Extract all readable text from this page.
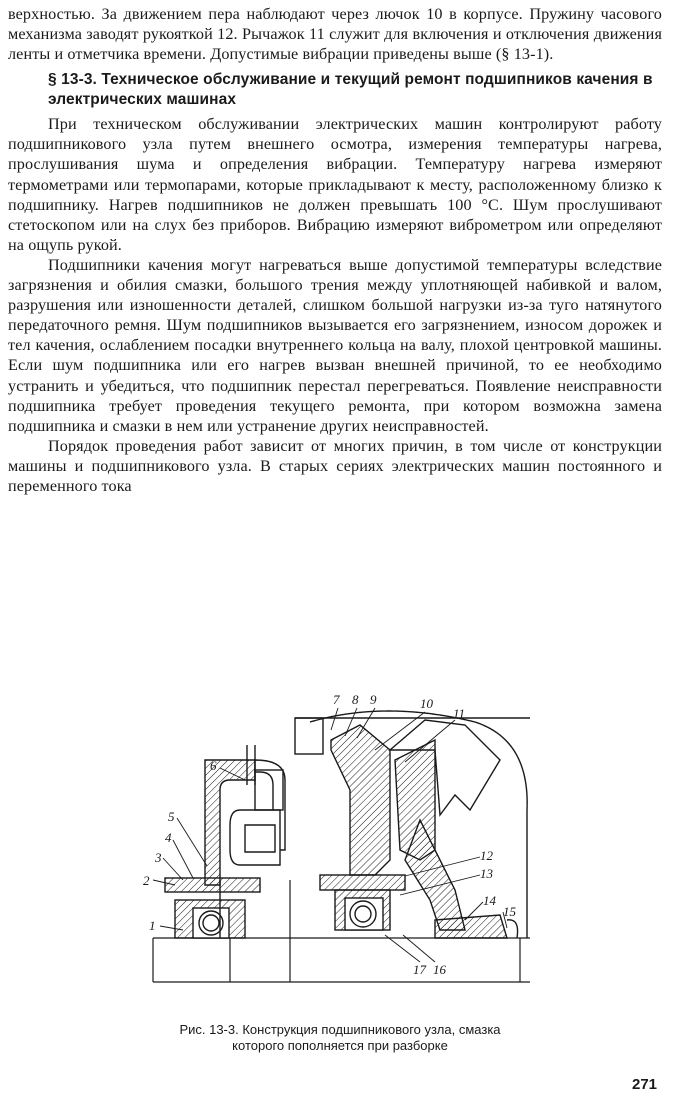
верхностью. За движением пера наблюдают через лючок 10 в корпусе. Пружину часового механизма заводят рукояткой 12. Рычажок 11 служит для включения и отключения движения ленты и отметчика времени. Допустимые вибрации приведены выше (§ 13-1).

§ 13-3. Техническое обслуживание и текущий ремонт подшипников качения в электрических машинах

При техническом обслуживании электрических машин контролируют работу подшипникового узла путем внешнего осмотра, измерения температуры нагрева, прослушивания шума и определения вибрации. Температуру нагрева измеряют термометрами или термопарами, которые прикладывают к месту, расположенному близко к подшипнику. Нагрев подшипников не должен превышать 100 °С. Шум прослушивают стетоскопом или на слух без приборов. Вибрацию измеряют виброметром или определяют на ощупь рукой.

Подшипники качения могут нагреваться выше допустимой температуры вследствие загрязнения и обилия смазки, большого трения между уплотняющей набивкой и валом, разрушения или изношенности деталей, слишком большой нагрузки из-за туго натянутого передаточного ремня. Шум подшипников вызывается его загрязнением, износом дорожек и тел качения, ослаблением посадки внутреннего кольца на валу, плохой центровкой машины. Если шум подшипника или его нагрев вызван внешней причиной, то ее необходимо устранить и убедиться, что подшипник перестал перегреваться. Появление неисправности подшипника требует проведения текущего ремонта, при котором возможна замена подшипника и смазки в нем или устранение других неисправностей.

Порядок проведения работ зависит от многих причин, в том числе от конструкции машины и подшипникового узла. В старых сериях электрических машин постоянного и переменного тока

1
2
3
4
5
6
7 8 9	10
11
12
13
14
15
16
17
Рис. 13-3. Конструкция подшипникового узла, смазка
которого пополняется при разборке
271
